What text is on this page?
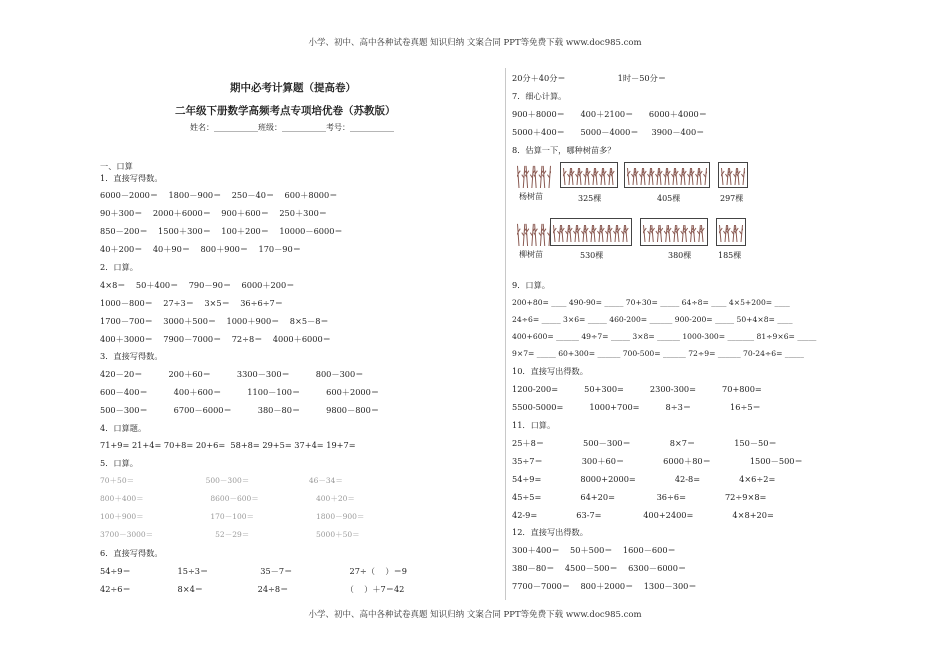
小学、初中、高中各种试卷真题 知识归纳 文案合同 PPT等免费下载 www.doc985.com
小学、初中、高中各种试卷真题 知识归纳 文案合同 PPT等免费下载 www.doc985.com
期中必考计算题（提高卷）
二年级下册数学高频考点专项培优卷（苏教版）
姓名：___________班级：___________考号：___________
一、口算
1．直接写得数。
6000－2000＝    1800－900＝    250－40＝    600＋8000＝
90＋300＝    2000＋6000＝    900＋600＝    250＋300＝
850－200＝    1500＋300＝    100＋200＝    10000－6000＝
40＋200＝    40＋90＝    800＋900＝    170－90＝
2．口算。
4×8＝    50＋400＝    790－90＝    6000＋200＝
1000－800＝    27÷3＝    3×5＝    36÷6÷7＝
1700－700＝    3000＋500＝    1000＋900＝    8×5－8＝
400＋3000＝    7900－7000＝    72÷8＝    4000＋6000＝
3．直接写得数。
420－20＝          200＋60＝          3300－300＝          800－300＝
600－400＝          400＋600＝          1100－100＝          600＋2000＝
500－300＝          6700－6000＝          380－80＝          9800－800＝
4．口算题。
71+9= 21+4= 70+8= 20+6=  58+8= 29+5= 37+4= 19+7=
5．口算。
70＋50＝                              500－300＝                         46－34＝
800＋400＝                            8600－600＝                        400＋20＝
100＋900＝                            170－100＝                          1800－900＝
3700－3000＝                          52－29＝                            5000＋50＝
6．直接写得数。
54÷9＝                  15÷3＝                    35－7＝                      27÷（    ）＝9
42÷6＝                  8×4＝                     24÷8＝                      （    ）＋7＝42
20分＋40分＝                    1时－50分＝
7．细心计算。
900＋8000＝      400＋2100＝      6000＋4000＝
5000＋400＝      5000－4000＝     3900－400＝
8．估算一下，哪种树苗多？
杨树苗	325棵	405棵	297棵
柳树苗	530棵	380棵	185棵
9．口算。
200+80= ____ 490-90= _____ 70+30= _____ 64÷8= ____ 4×5+200= ____
24÷6= _____ 3×6= _____ 460-200= ______ 900-200= _____ 50+4×8= ____
400+600= ______ 49÷7= _____ 3×8= ______ 1000-300= _______ 81÷9×6= _____
9×7= _____ 60+300= ______ 700-500= ______ 72÷9= ______ 70-24÷6= _____
10．直接写出得数。
1200-200=          50+300=          2300-300=          70+800=
5500-5000=          1000+700=          8÷3＝               16÷5＝
11．口算。
25＋8＝               500－300＝               8×7＝               150－50＝
35÷7＝               300＋60＝               6000＋80＝               1500－500＝
54÷9=               8000+2000=               42-8=               4×6÷2=
45÷5=               64+20=                36÷6=               72÷9×8=
42-9=               63-7=                400+2400=               4×8+20=
12．直接写出得数。
300＋400＝    50＋500＝    1600－600＝
380－80＝    4500－500＝    6300－6000＝
7700－7000＝    800＋2000＝    1300－300＝
